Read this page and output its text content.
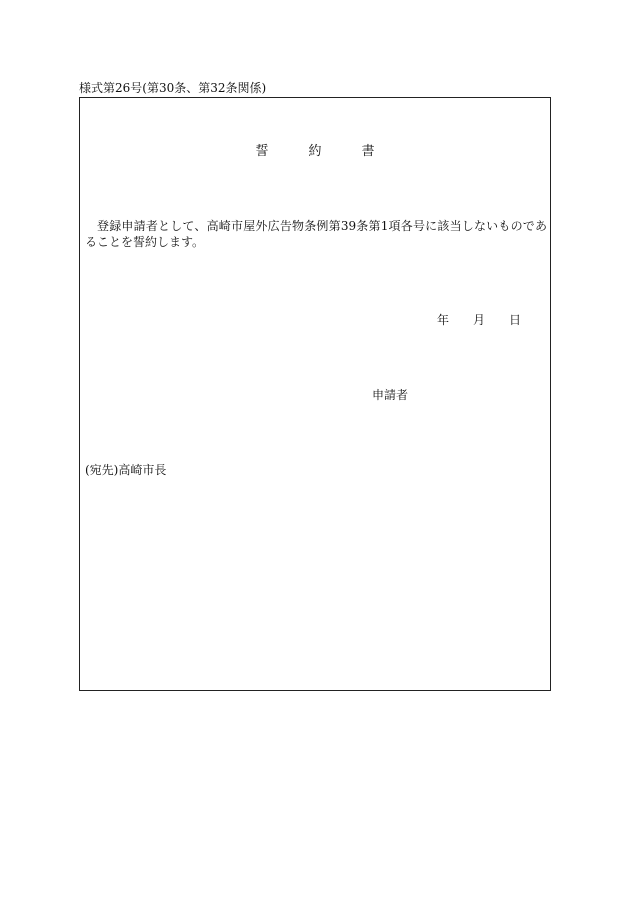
様式第26号(第30条、第32条関係)
誓	約	書
登録申請者として、高崎市屋外広告物条例第39条第1項各号に該当しないものであることを誓約します。
年 月 日
申請者
(宛先)高崎市長
